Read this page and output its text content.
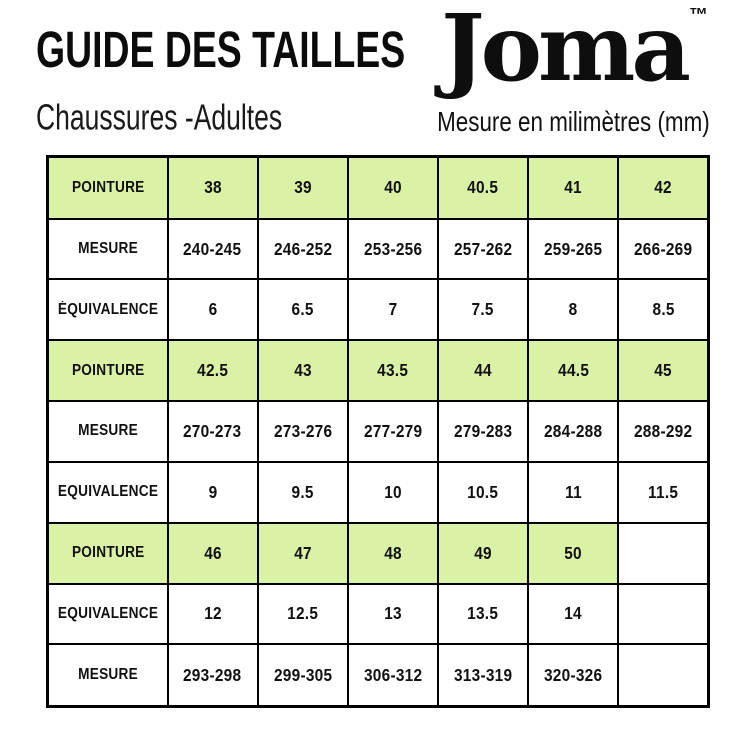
GUIDE DES TAILLES
Chaussures -Adultes
Joma ™
Mesure en milimètres (mm)
POINTURE	38	39	40	40.5	41	42
MESURE	240-245	246-252	253-256	257-262	259-265	266-269
ÉQUIVALENCE	6	6.5	7	7.5	8	8.5
POINTURE	42.5	43	43.5	44	44.5	45
MESURE	270-273	273-276	277-279	279-283	284-288	288-292
EQUIVALENCE	9	9.5	10	10.5	11	11.5
POINTURE	46	47	48	49	50	
EQUIVALENCE	12	12.5	13	13.5	14	
MESURE	293-298	299-305	306-312	313-319	320-326	
